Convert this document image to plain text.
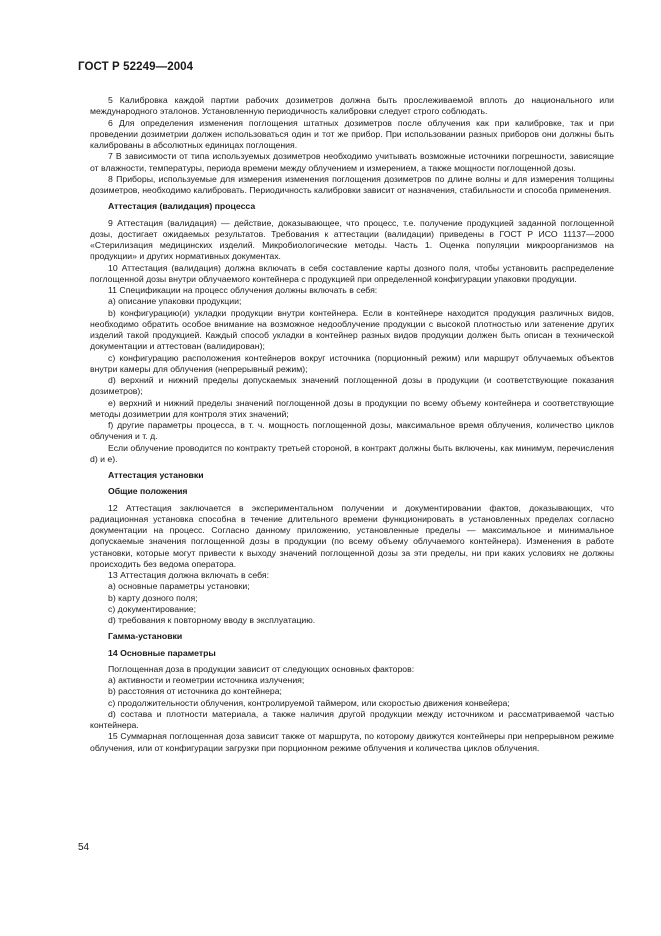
ГОСТ Р 52249—2004

5 Калибровка каждой партии рабочих дозиметров должна быть прослеживаемой вплоть до национального или международного эталонов. Установленную периодичность калибровки следует строго соблюдать.

6 Для определения изменения поглощения штатных дозиметров после облучения как при калибровке, так и при проведении дозиметрии должен использоваться один и тот же прибор. При использовании разных приборов они должны быть калиброваны в абсолютных единицах поглощения.

7 В зависимости от типа используемых дозиметров необходимо учитывать возможные источники погрешности, зависящие от влажности, температуры, периода времени между облучением и измерением, а также мощности поглощенной дозы.

8 Приборы, используемые для измерения изменения поглощения дозиметров по длине волны и для измерения толщины дозиметров, необходимо калибровать. Периодичность калибровки зависит от назначения, стабильности и способа применения.

Аттестация (валидация) процесса

9 Аттестация (валидация) — действие, доказывающее, что процесс, т.е. получение продукцией заданной поглощенной дозы, достигает ожидаемых результатов. Требования к аттестации (валидации) приведены в ГОСТ Р ИСО 11137—2000 «Стерилизация медицинских изделий. Микробиологические методы. Часть 1. Оценка популяции микроорганизмов на продукции» и других нормативных документах.

10 Аттестация (валидация) должна включать в себя составление карты дозного поля, чтобы установить распределение поглощенной дозы внутри облучаемого контейнера с продукцией при определенной конфигурации упаковки продукции.

11 Спецификации на процесс облучения должны включать в себя:

a) описание упаковки продукции;

b) конфигурацию(и) укладки продукции внутри контейнера. Если в контейнере находится продукция различных видов, необходимо обратить особое внимание на возможное недооблучение продукции с высокой плотностью или затенение других изделий такой продукцией. Каждый способ укладки в контейнер разных видов продукции должен быть описан в технической документации и аттестован (валидирован);

c) конфигурацию расположения контейнеров вокруг источника (порционный режим) или маршрут облучаемых объектов внутри камеры для облучения (непрерывный режим);

d) верхний и нижний пределы допускаемых значений поглощенной дозы в продукции (и соответствующие показания дозиметров);

e) верхний и нижний пределы значений поглощенной дозы в продукции по всему объему контейнера и соответствующие методы дозиметрии для контроля этих значений;

f) другие параметры процесса, в т. ч. мощность поглощенной дозы, максимальное время облучения, количество циклов облучения и т. д.

Если облучение проводится по контракту третьей стороной, в контракт должны быть включены, как минимум, перечисления d) и e).

Аттестация установки

Общие положения

12 Аттестация заключается в экспериментальном получении и документировании фактов, доказывающих, что радиационная установка способна в течение длительного времени функционировать в установленных пределах согласно документации на процесс. Согласно данному приложению, установленные пределы — максимальное и минимальное допускаемые значения поглощенной дозы в продукции (по всему объему облучаемого контейнера). Изменения в работе установки, которые могут привести к выходу значений поглощенной дозы за эти пределы, ни при каких условиях не должны происходить без ведома оператора.

13 Аттестация должна включать в себя:

a) основные параметры установки;

b) карту дозного поля;

c) документирование;

d) требования к повторному вводу в эксплуатацию.

Гамма-установки

14 Основные параметры

Поглощенная доза в продукции зависит от следующих основных факторов:

a) активности и геометрии источника излучения;

b) расстояния от источника до контейнера;

c) продолжительности облучения, контролируемой таймером, или скоростью движения конвейера;

d) состава и плотности материала, а также наличия другой продукции между источником и рассматриваемой частью контейнера.

15 Суммарная поглощенная доза зависит также от маршрута, по которому движутся контейнеры при непрерывном режиме облучения, или от конфигурации загрузки при порционном режиме облучения и количества циклов облучения.

54
